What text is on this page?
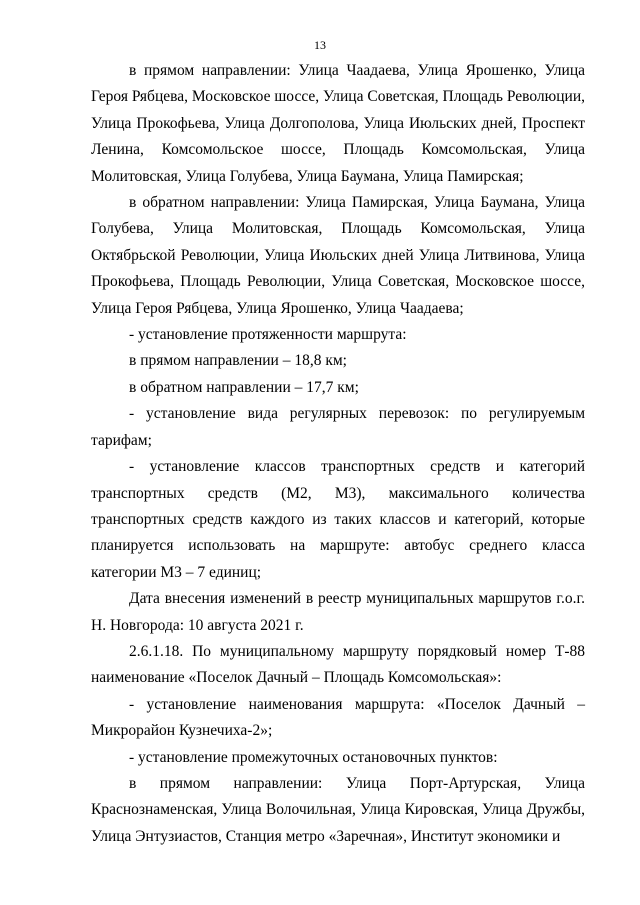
13

в прямом направлении: Улица Чаадаева, Улица Ярошенко, Улица Героя Рябцева, Московское шоссе, Улица Советская, Площадь Революции, Улица Прокофьева, Улица Долгополова, Улица Июльских дней, Проспект Ленина, Комсомольское шоссе, Площадь Комсомольская, Улица Молитовская, Улица Голубева, Улица Баумана, Улица Памирская;

в обратном направлении: Улица Памирская, Улица Баумана, Улица Голубева, Улица Молитовская, Площадь Комсомольская, Улица Октябрьской Революции, Улица Июльских дней Улица Литвинова, Улица Прокофьева, Площадь Революции, Улица Советская, Московское шоссе, Улица Героя Рябцева, Улица Ярошенко, Улица Чаадаева;

- установление протяженности маршрута:

в прямом направлении – 18,8 км;

в обратном направлении – 17,7 км;

- установление вида регулярных перевозок: по регулируемым тарифам;

- установление классов транспортных средств и категорий транспортных средств (М2, М3), максимального количества транспортных средств каждого из таких классов и категорий, которые планируется использовать на маршруте: автобус среднего класса категории М3 – 7 единиц;

Дата внесения изменений в реестр муниципальных маршрутов г.о.г. Н. Новгорода: 10 августа 2021 г.

2.6.1.18. По муниципальному маршруту порядковый номер Т-88 наименование «Поселок Дачный – Площадь Комсомольская»:

- установление наименования маршрута: «Поселок Дачный – Микрорайон Кузнечиха-2»;

- установление промежуточных остановочных пунктов:

в прямом направлении: Улица Порт-Артурская, Улица Краснознаменская, Улица Волочильная, Улица Кировская, Улица Дружбы, Улица Энтузиастов, Станция метро «Заречная», Институт экономики и
